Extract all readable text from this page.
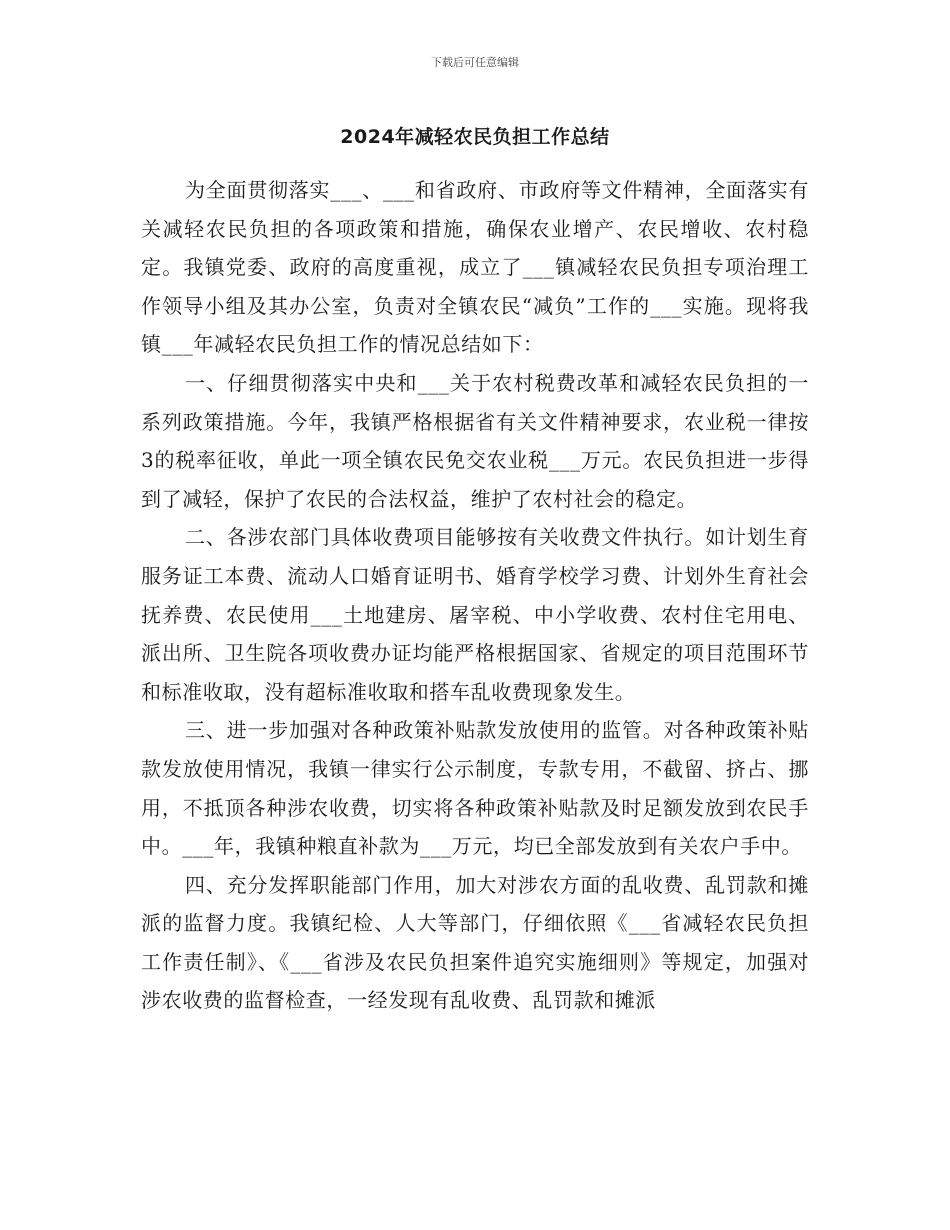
下载后可任意编辑
2024年减轻农民负担工作总结

为全面贯彻落实___、___和省政府、市政府等文件精神，全面落实有关减轻农民负担的各项政策和措施，确保农业增产、农民增收、农村稳定。我镇党委、政府的高度重视，成立了___镇减轻农民负担专项治理工作领导小组及其办公室，负责对全镇农民“减负”工作的___实施。现将我镇___年减轻农民负担工作的情况总结如下：

一、仔细贯彻落实中央和___关于农村税费改革和减轻农民负担的一系列政策措施。今年，我镇严格根据省有关文件精神要求，农业税一律按3的税率征收，单此一项全镇农民免交农业税___万元。农民负担进一步得到了减轻，保护了农民的合法权益，维护了农村社会的稳定。

二、各涉农部门具体收费项目能够按有关收费文件执行。如计划生育服务证工本费、流动人口婚育证明书、婚育学校学习费、计划外生育社会抚养费、农民使用___土地建房、屠宰税、中小学收费、农村住宅用电、派出所、卫生院各项收费办证均能严格根据国家、省规定的项目范围环节和标准收取，没有超标准收取和搭车乱收费现象发生。

三、进一步加强对各种政策补贴款发放使用的监管。对各种政策补贴款发放使用情况，我镇一律实行公示制度，专款专用，不截留、挤占、挪用，不抵顶各种涉农收费，切实将各种政策补贴款及时足额发放到农民手中。___年，我镇种粮直补款为___万元，均已全部发放到有关农户手中。

四、充分发挥职能部门作用，加大对涉农方面的乱收费、乱罚款和摊派的监督力度。我镇纪检、人大等部门，仔细依照《___省减轻农民负担工作责任制》、《___省涉及农民负担案件追究实施细则》等规定，加强对涉农收费的监督检查，一经发现有乱收费、乱罚款和摊派
